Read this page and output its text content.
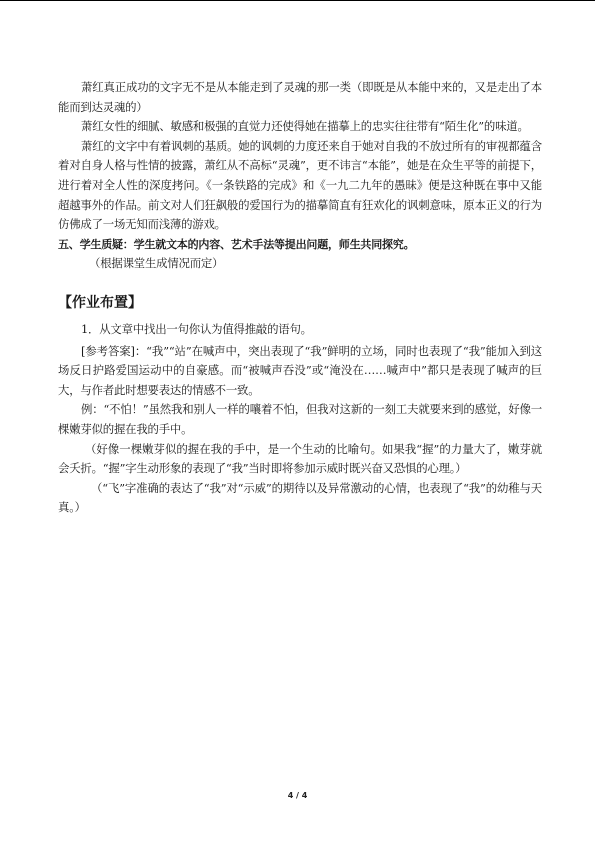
萧红真正成功的文字无不是从本能走到了灵魂的那一类（即既是从本能中来的，又是走出了本能而到达灵魂的）

萧红女性的细腻、敏感和极强的直觉力还使得她在描摹上的忠实往往带有“陌生化”的味道。

萧红的文字中有着讽刺的基质。她的讽刺的力度还来自于她对自我的不放过所有的审视都蕴含着对自身人格与性情的披露，萧红从不高标“灵魂”，更不讳言“本能”，她是在众生平等的前提下，进行着对全人性的深度拷问。《一条铁路的完成》和《一九二九年的愚昧》便是这种既在事中又能超越事外的作品。前文对人们狂飙般的爱国行为的描摹简直有狂欢化的讽刺意味，原本正义的行为仿佛成了一场无知而浅薄的游戏。

五、学生质疑：学生就文本的内容、艺术手法等提出问题，师生共同探究。

（根据课堂生成情况而定）

【作业布置】

1．从文章中找出一句你认为值得推敲的语句。

[参考答案]：“我”“站”在喊声中，突出表现了“我”鲜明的立场，同时也表现了“我”能加入到这场反日护路爱国运动中的自豪感。而“被喊声吞没”或“淹没在……喊声中”都只是表现了喊声的巨大，与作者此时想要表达的情感不一致。

例：“不怕！”虽然我和别人一样的嚷着不怕，但我对这新的一刻工夫就要来到的感觉，好像一棵嫩芽似的握在我的手中。

（好像一棵嫩芽似的握在我的手中，是一个生动的比喻句。如果我“握”的力量大了，嫩芽就会夭折。“握”字生动形象的表现了“我”当时即将参加示威时既兴奋又恐惧的心理。）

（“飞”字准确的表达了“我”对“示威”的期待以及异常激动的心情，也表现了“我”的幼稚与天真。）

4 / 4
